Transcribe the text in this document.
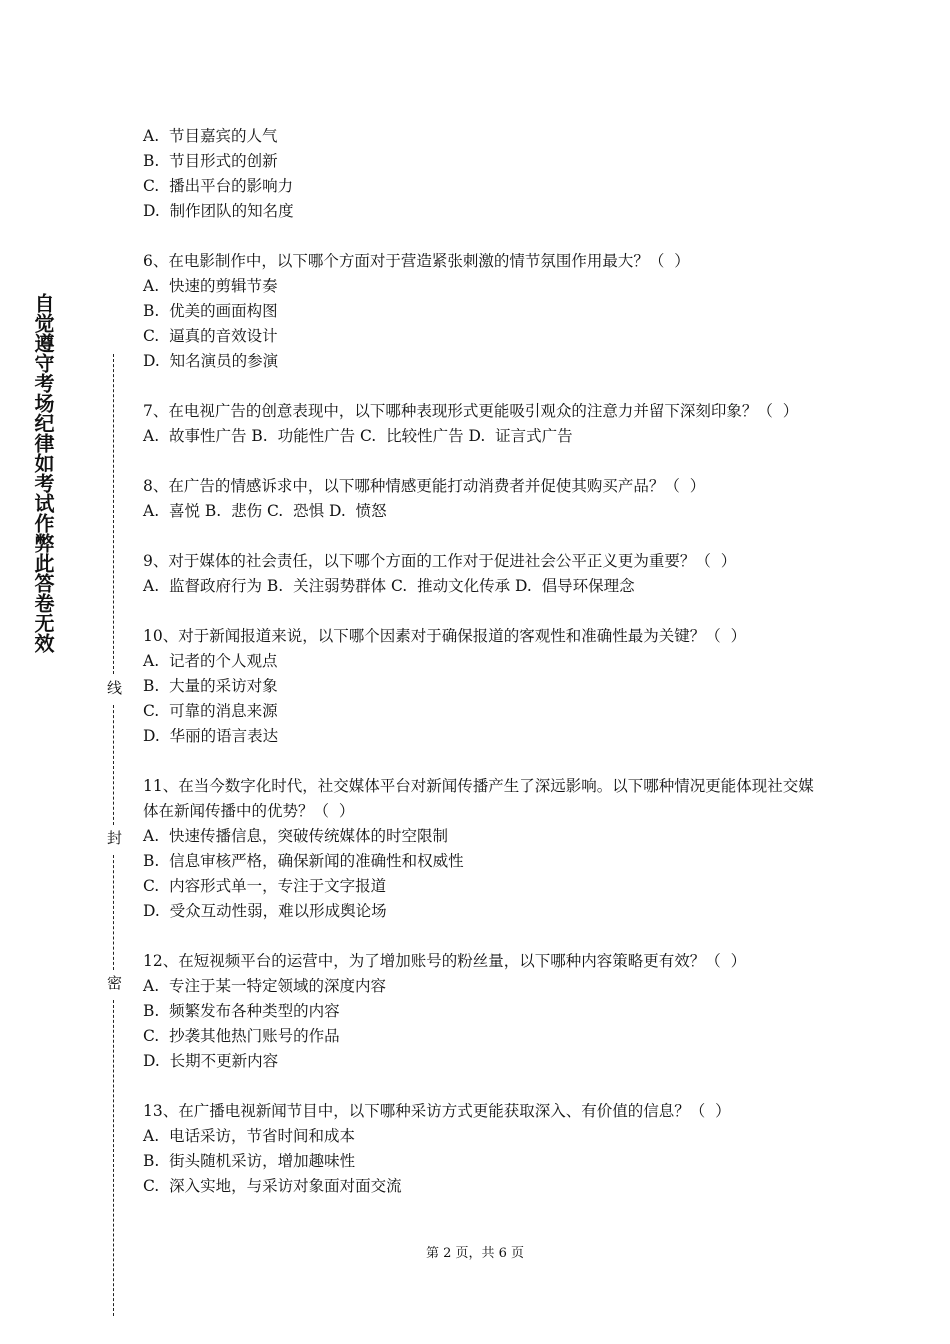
自觉遵守考场纪律如考试作弊此答卷无效
线
封
密
A.  节目嘉宾的人气
B.  节目形式的创新
C.  播出平台的影响力
D.  制作团队的知名度
6、在电影制作中，以下哪个方面对于营造紧张刺激的情节氛围作用最大？（  ）
A.  快速的剪辑节奏
B.  优美的画面构图
C.  逼真的音效设计
D.  知名演员的参演
7、在电视广告的创意表现中，以下哪种表现形式更能吸引观众的注意力并留下深刻印象？（  ）
A.  故事性广告 B.  功能性广告 C.  比较性广告 D.  证言式广告
8、在广告的情感诉求中，以下哪种情感更能打动消费者并促使其购买产品？（  ）
A.  喜悦 B.  悲伤 C.  恐惧 D.  愤怒
9、对于媒体的社会责任，以下哪个方面的工作对于促进社会公平正义更为重要？（  ）
A.  监督政府行为 B.  关注弱势群体 C.  推动文化传承 D.  倡导环保理念
10、对于新闻报道来说，以下哪个因素对于确保报道的客观性和准确性最为关键？（  ）
A.  记者的个人观点
B.  大量的采访对象
C.  可靠的消息来源
D.  华丽的语言表达
11、在当今数字化时代，社交媒体平台对新闻传播产生了深远影响。以下哪种情况更能体现社交媒体在新闻传播中的优势？（  ）
A.  快速传播信息，突破传统媒体的时空限制
B.  信息审核严格，确保新闻的准确性和权威性
C.  内容形式单一，专注于文字报道
D.  受众互动性弱，难以形成舆论场
12、在短视频平台的运营中，为了增加账号的粉丝量，以下哪种内容策略更有效？（  ）
A.  专注于某一特定领域的深度内容
B.  频繁发布各种类型的内容
C.  抄袭其他热门账号的作品
D.  长期不更新内容
13、在广播电视新闻节目中，以下哪种采访方式更能获取深入、有价值的信息？（  ）
A.  电话采访，节省时间和成本
B.  街头随机采访，增加趣味性
C.  深入实地，与采访对象面对面交流
第 2 页，共 6 页
